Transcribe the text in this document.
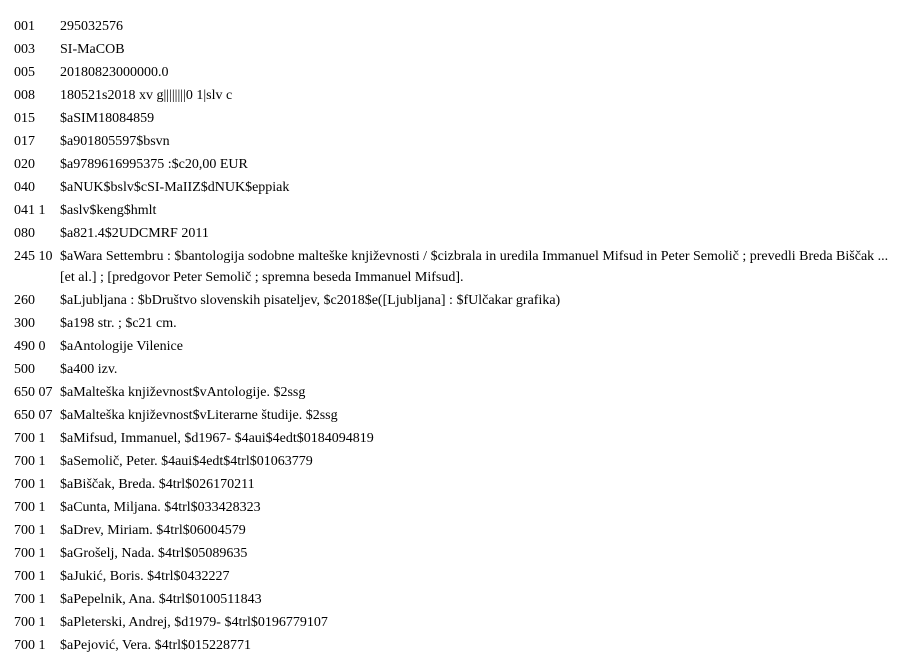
001	295032576
003	SI-MaCOB
005	20180823000000.0
008	180521s2018 xv g||||||||0 1|slv c
015	$aSIM18084859
017	$a901805597$bsvn
020	$a9789616995375 :$c20,00 EUR
040	$aNUK$bslv$cSI-MaIIZ$dNUK$eppiak
041 1	$aslv$keng$hmlt
080	$a821.4$2UDCMRF 2011
245 10 $aWara Settembru : $bantologija sodobne malteške književnosti / $cizbrala in uredila Immanuel Mifsud in Peter Semolič ; prevedli Breda Biščak ... [et al.] ; [predgovor Peter Semolič ; spremna beseda Immanuel Mifsud].
260	$aLjubljana : $bDruštvo slovenskih pisateljev, $c2018$e([Ljubljana] : $fUlčakar grafika)
300	$a198 str. ; $c21 cm.
490 0	$aAntologije Vilenice
500	$a400 izv.
650 07 $aMalteška književnost$vAntologije. $2ssg
650 07 $aMalteška književnost$vLiterarne študije. $2ssg
700 1	$aMifsud, Immanuel, $d1967- $4aui$4edt$0184094819
700 1	$aSemolič, Peter. $4aui$4edt$4trl$01063779
700 1	$aBiščak, Breda. $4trl$026170211
700 1	$aCunta, Miljana. $4trl$033428323
700 1	$aDrev, Miriam. $4trl$06004579
700 1	$aGrošelj, Nada. $4trl$05089635
700 1	$aJukić, Boris. $4trl$0432227
700 1	$aPepelnik, Ana. $4trl$0100511843
700 1	$aPleterski, Andrej, $d1979- $4trl$0196779107
700 1	$aPejović, Vera. $4trl$015228771
